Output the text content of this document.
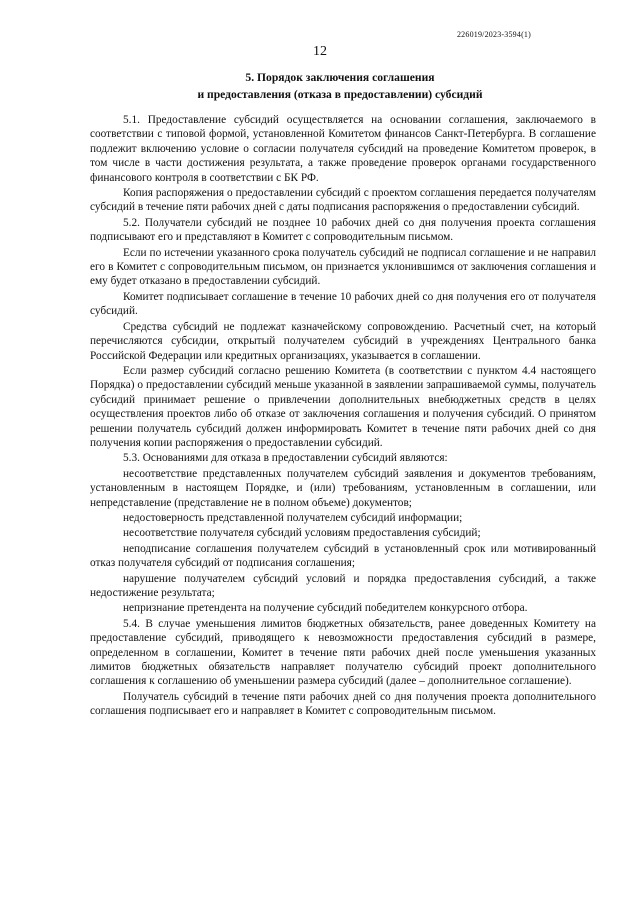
226019/2023-3594(1)
12
5. Порядок заключения соглашения
и предоставления (отказа в предоставлении) субсидий

5.1. Предоставление субсидий осуществляется на основании соглашения, заключаемого в соответствии с типовой формой, установленной Комитетом финансов Санкт-Петербурга. В соглашение подлежит включению условие о согласии получателя субсидий на проведение Комитетом проверок, в том числе в части достижения результата, а также проведение проверок органами государственного финансового контроля в соответствии с БК РФ.

Копия распоряжения о предоставлении субсидий с проектом соглашения передается получателям субсидий в течение пяти рабочих дней с даты подписания распоряжения о предоставлении субсидий.

5.2. Получатели субсидий не позднее 10 рабочих дней со дня получения проекта соглашения подписывают его и представляют в Комитет с сопроводительным письмом.

Если по истечении указанного срока получатель субсидий не подписал соглашение и не направил его в Комитет с сопроводительным письмом, он признается уклонившимся от заключения соглашения и ему будет отказано в предоставлении субсидий.

Комитет подписывает соглашение в течение 10 рабочих дней со дня получения его от получателя субсидий.

Средства субсидий не подлежат казначейскому сопровождению. Расчетный счет, на который перечисляются субсидии, открытый получателем субсидий в учреждениях Центрального банка Российской Федерации или кредитных организациях, указывается в соглашении.

Если размер субсидий согласно решению Комитета (в соответствии с пунктом 4.4 настоящего Порядка) о предоставлении субсидий меньше указанной в заявлении запрашиваемой суммы, получатель субсидий принимает решение о привлечении дополнительных внебюджетных средств в целях осуществления проектов либо об отказе от заключения соглашения и получения субсидий. О принятом решении получатель субсидий должен информировать Комитет в течение пяти рабочих дней со дня получения копии распоряжения о предоставлении субсидий.

5.3. Основаниями для отказа в предоставлении субсидий являются:

несоответствие представленных получателем субсидий заявления и документов требованиям, установленным в настоящем Порядке, и (или) требованиям, установленным в соглашении, или непредставление (представление не в полном объеме) документов;

недостоверность представленной получателем субсидий информации;

несоответствие получателя субсидий условиям предоставления субсидий;

неподписание соглашения получателем субсидий в установленный срок или мотивированный отказ получателя субсидий от подписания соглашения;

нарушение получателем субсидий условий и порядка предоставления субсидий, а также недостижение результата;

непризнание претендента на получение субсидий победителем конкурсного отбора.

5.4. В случае уменьшения лимитов бюджетных обязательств, ранее доведенных Комитету на предоставление субсидий, приводящего к невозможности предоставления субсидий в размере, определенном в соглашении, Комитет в течение пяти рабочих дней после уменьшения указанных лимитов бюджетных обязательств направляет получателю субсидий проект дополнительного соглашения к соглашению об уменьшении размера субсидий (далее – дополнительное соглашение).

Получатель субсидий в течение пяти рабочих дней со дня получения проекта дополнительного соглашения подписывает его и направляет в Комитет с сопроводительным письмом.
